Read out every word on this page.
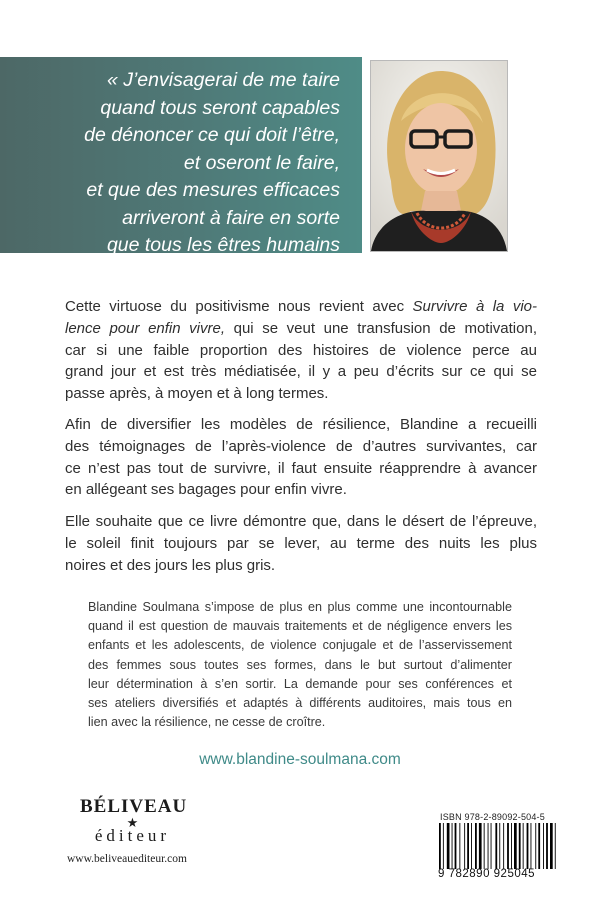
« J’envisagerai de me taire
quand tous seront capables
de dénoncer ce qui doit l’être,
et oseront le faire,
et que des mesures efficaces
arriveront à faire en sorte
que tous les êtres humains
soient respectés. »
Cette virtuose du positivisme nous revient avec Survivre à la vio-
lence pour enfin vivre, qui se veut une transfusion de motivation,
car si une faible proportion des histoires de violence perce au
grand jour et est très médiatisée, il y a peu d’écrits sur ce qui se
passe après, à moyen et à long termes.
Afin de diversifier les modèles de résilience, Blandine a recueilli
des témoignages de l’après-violence de d’autres survivantes, car
ce n’est pas tout de survivre, il faut ensuite réapprendre à avancer
en allégeant ses bagages pour enfin vivre.
Elle souhaite que ce livre démontre que, dans le désert de l’épreuve,
le soleil finit toujours par se lever, au terme des nuits les plus
noires et des jours les plus gris.
Blandine Soulmana s’impose de plus en plus comme une incontournable
quand il est question de mauvais traitements et de négligence envers les
enfants et les adolescents, de violence conjugale et de l’asservissement
des femmes sous toutes ses formes, dans le but surtout d’alimenter
leur détermination à s’en sortir. La demande pour ses conférences et
ses ateliers diversifiés et adaptés à différents auditoires, mais tous en
lien avec la résilience, ne cesse de croître.
www.blandine-soulmana.com
BÉLIVEAU
★
éditeur
www.beliveauediteur.com
ISBN 978-2-89092-504-5
9 782890 925045
